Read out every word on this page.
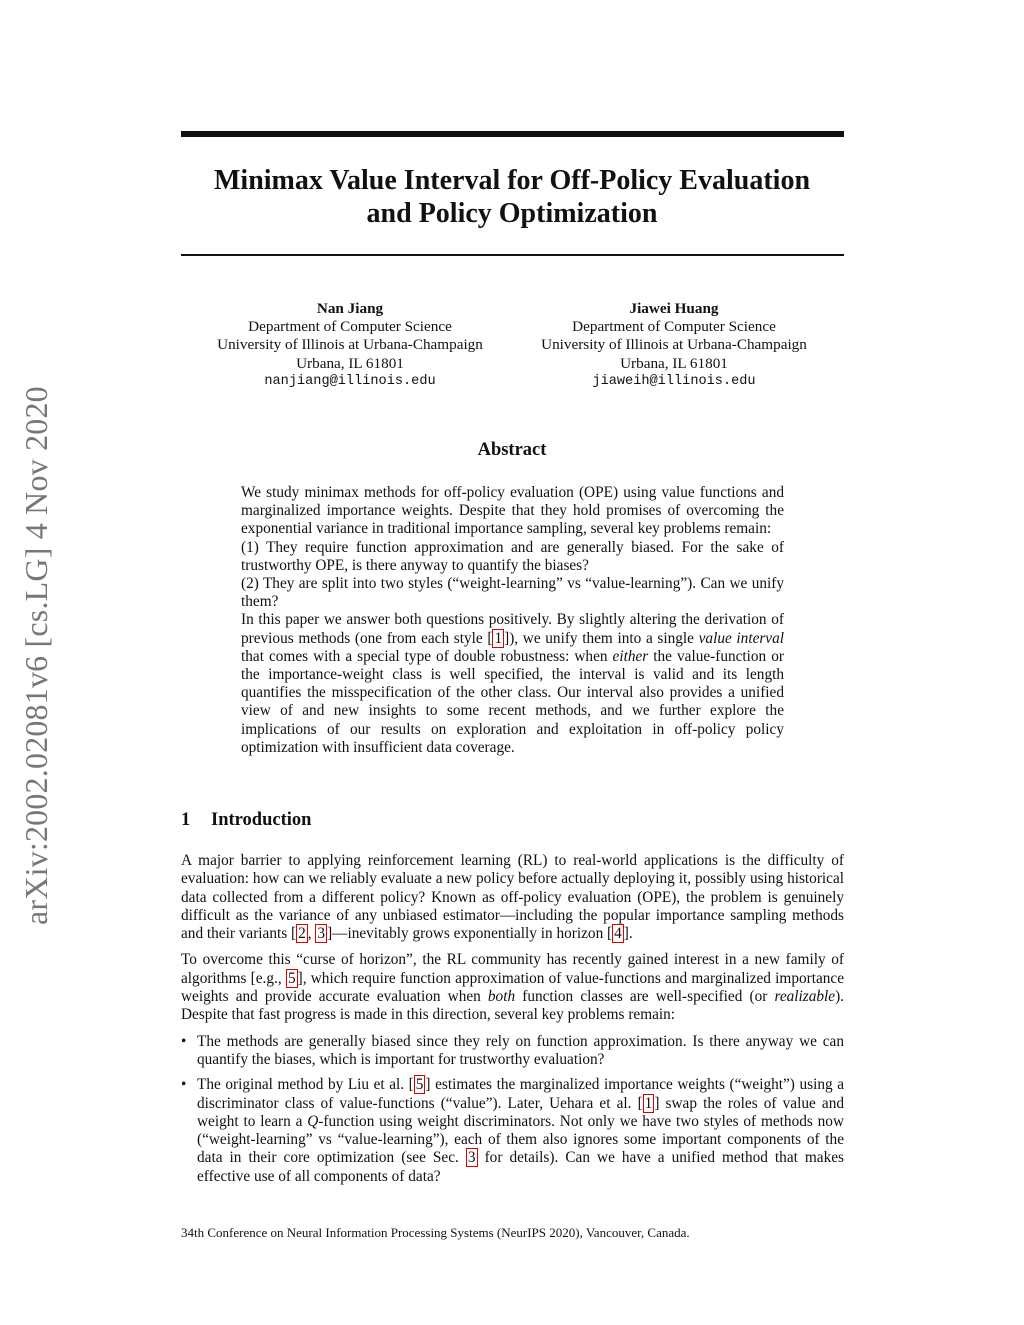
arXiv:2002.02081v6 [cs.LG] 4 Nov 2020
Minimax Value Interval for Off-Policy Evaluation
and Policy Optimization
Nan Jiang
Department of Computer Science
University of Illinois at Urbana-Champaign
Urbana, IL 61801
nanjiang@illinois.edu
Jiawei Huang
Department of Computer Science
University of Illinois at Urbana-Champaign
Urbana, IL 61801
jiaweih@illinois.edu
Abstract

We study minimax methods for off-policy evaluation (OPE) using value functions and marginalized importance weights. Despite that they hold promises of overcoming the exponential variance in traditional importance sampling, several key problems remain:

(1) They require function approximation and are generally biased. For the sake of trustworthy OPE, is there anyway to quantify the biases?

(2) They are split into two styles (“weight-learning” vs “value-learning”). Can we unify them?

In this paper we answer both questions positively. By slightly altering the derivation of previous methods (one from each style [ 1 ]), we unify them into a single value interval that comes with a special type of double robustness: when either the value-function or the importance-weight class is well specified, the interval is valid and its length quantifies the misspecification of the other class. Our interval also provides a unified view of and new insights to some recent methods, and we further explore the implications of our results on exploration and exploitation in off-policy policy optimization with insufficient data coverage.

1 Introduction

A major barrier to applying reinforcement learning (RL) to real-world applications is the difficulty of evaluation: how can we reliably evaluate a new policy before actually deploying it, possibly using historical data collected from a different policy? Known as off-policy evaluation (OPE), the problem is genuinely difficult as the variance of any unbiased estimator—including the popular importance sampling methods and their variants [ 2 , 3 ]—inevitably grows exponentially in horizon [ 4 ].

To overcome this “curse of horizon”, the RL community has recently gained interest in a new family of algorithms [e.g., 5 ], which require function approximation of value-functions and marginalized importance weights and provide accurate evaluation when both function classes are well-specified (or realizable). Despite that fast progress is made in this direction, several key problems remain:

• The methods are generally biased since they rely on function approximation. Is there anyway we can quantify the biases, which is important for trustworthy evaluation?
• The original method by Liu et al. [ 5 ] estimates the marginalized importance weights (“weight”) using a discriminator class of value-functions (“value”). Later, Uehara et al. [ 1 ] swap the roles of value and weight to learn a Q-function using weight discriminators. Not only we have two styles of methods now (“weight-learning” vs “value-learning”), each of them also ignores some important components of the data in their core optimization (see Sec. 3 for details). Can we have a unified method that makes effective use of all components of data?
34th Conference on Neural Information Processing Systems (NeurIPS 2020), Vancouver, Canada.
